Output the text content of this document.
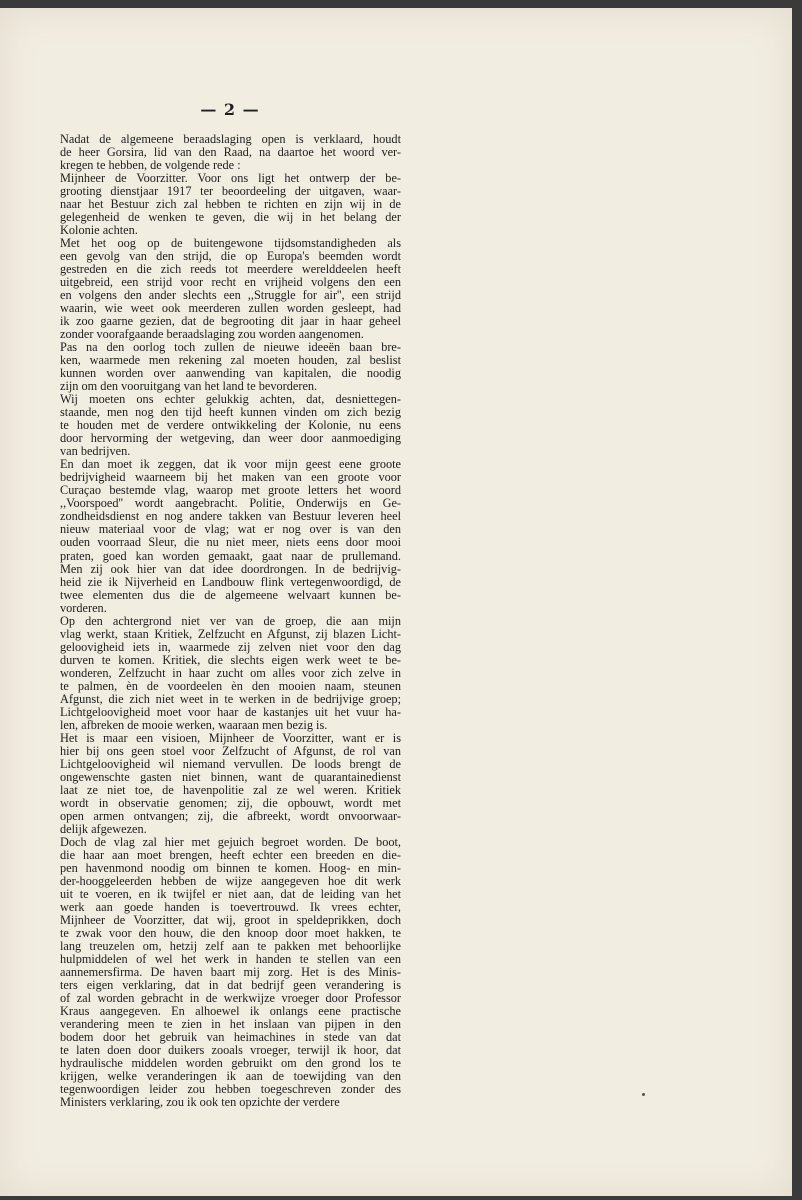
— 2 —
Nadat de algemeene beraadslaging open is verklaard, houdt
de heer Gorsira, lid van den Raad, na daartoe het woord ver-
kregen te hebben, de volgende rede :
Mijnheer de Voorzitter. Voor ons ligt het ontwerp der be-
grooting dienstjaar 1917 ter beoordeeling der uitgaven, waar-
naar het Bestuur zich zal hebben te richten en zijn wij in de
gelegenheid de wenken te geven, die wij in het belang der
Kolonie achten.
Met het oog op de buitengewone tijdsomstandigheden als
een gevolg van den strijd, die op Europa's beemden wordt
gestreden en die zich reeds tot meerdere werelddeelen heeft
uitgebreid, een strijd voor recht en vrijheid volgens den een
en volgens den ander slechts een ,,Struggle for air'', een strijd
waarin, wie weet ook meerderen zullen worden gesleept, had
ik zoo gaarne gezien, dat de begrooting dit jaar in haar geheel
zonder voorafgaande beraadslaging zou worden aangenomen.
Pas na den oorlog toch zullen de nieuwe ideeën baan bre-
ken, waarmede men rekening zal moeten houden, zal beslist
kunnen worden over aanwending van kapitalen, die noodig
zijn om den vooruitgang van het land te bevorderen.
Wij moeten ons echter gelukkig achten, dat, desniettegen-
staande, men nog den tijd heeft kunnen vinden om zich bezig
te houden met de verdere ontwikkeling der Kolonie, nu eens
door hervorming der wetgeving, dan weer door aanmoediging
van bedrijven.
En dan moet ik zeggen, dat ik voor mijn geest eene groote
bedrijvigheid waarneem bij het maken van een groote voor
Curaçao bestemde vlag, waarop met groote letters het woord
,,Voorspoed'' wordt aangebracht. Politie, Onderwijs en Ge-
zondheidsdienst en nog andere takken van Bestuur leveren heel
nieuw materiaal voor de vlag; wat er nog over is van den
ouden voorraad Sleur, die nu niet meer, niets eens door mooi
praten, goed kan worden gemaakt, gaat naar de prullemand.
Men zij ook hier van dat idee doordrongen. In de bedrijvig-
heid zie ik Nijverheid en Landbouw flink vertegenwoordigd, de
twee elementen dus die de algemeene welvaart kunnen be-
vorderen.
Op den achtergrond niet ver van de groep, die aan mijn
vlag werkt, staan Kritiek, Zelfzucht en Afgunst, zij blazen Licht-
geloovigheid iets in, waarmede zij zelven niet voor den dag
durven te komen. Kritiek, die slechts eigen werk weet te be-
wonderen, Zelfzucht in haar zucht om alles voor zich zelve in
te palmen, èn de voordeelen èn den mooien naam, steunen
Afgunst, die zich niet weet in te werken in de bedrijvige groep;
Lichtgeloovigheid moet voor haar de kastanjes uit het vuur ha-
len, afbreken de mooie werken, waaraan men bezig is.
Het is maar een visioen, Mijnheer de Voorzitter, want er is
hier bij ons geen stoel voor Zelfzucht of Afgunst, de rol van
Lichtgeloovigheid wil niemand vervullen. De loods brengt de
ongewenschte gasten niet binnen, want de quarantainedienst
laat ze niet toe, de havenpolitie zal ze wel weren. Kritiek
wordt in observatie genomen; zij, die opbouwt, wordt met
open armen ontvangen; zij, die afbreekt, wordt onvoorwaar-
delijk afgewezen.
Doch de vlag zal hier met gejuich begroet worden. De boot,
die haar aan moet brengen, heeft echter een breeden en die-
pen havenmond noodig om binnen te komen. Hoog- en min-
der-hooggeleerden hebben de wijze aangegeven hoe dit werk
uit te voeren, en ik twijfel er niet aan, dat de leiding van het
werk aan goede handen is toevertrouwd. Ik vrees echter,
Mijnheer de Voorzitter, dat wij, groot in speldeprikken, doch
te zwak voor den houw, die den knoop door moet hakken, te
lang treuzelen om, hetzij zelf aan te pakken met behoorlijke
hulpmiddelen of wel het werk in handen te stellen van een
aannemersfirma. De haven baart mij zorg. Het is des Minis-
ters eigen verklaring, dat in dat bedrijf geen verandering is
of zal worden gebracht in de werkwijze vroeger door Professor
Kraus aangegeven. En alhoewel ik onlangs eene practische
verandering meen te zien in het inslaan van pijpen in den
bodem door het gebruik van heimachines in stede van dat
te laten doen door duikers zooals vroeger, terwijl ik hoor, dat
hydraulische middelen worden gebruikt om den grond los te
krijgen, welke veranderingen ik aan de toewijding van den
tegenwoordigen leider zou hebben toegeschreven zonder des
Ministers verklaring, zou ik ook ten opzichte der verdere
